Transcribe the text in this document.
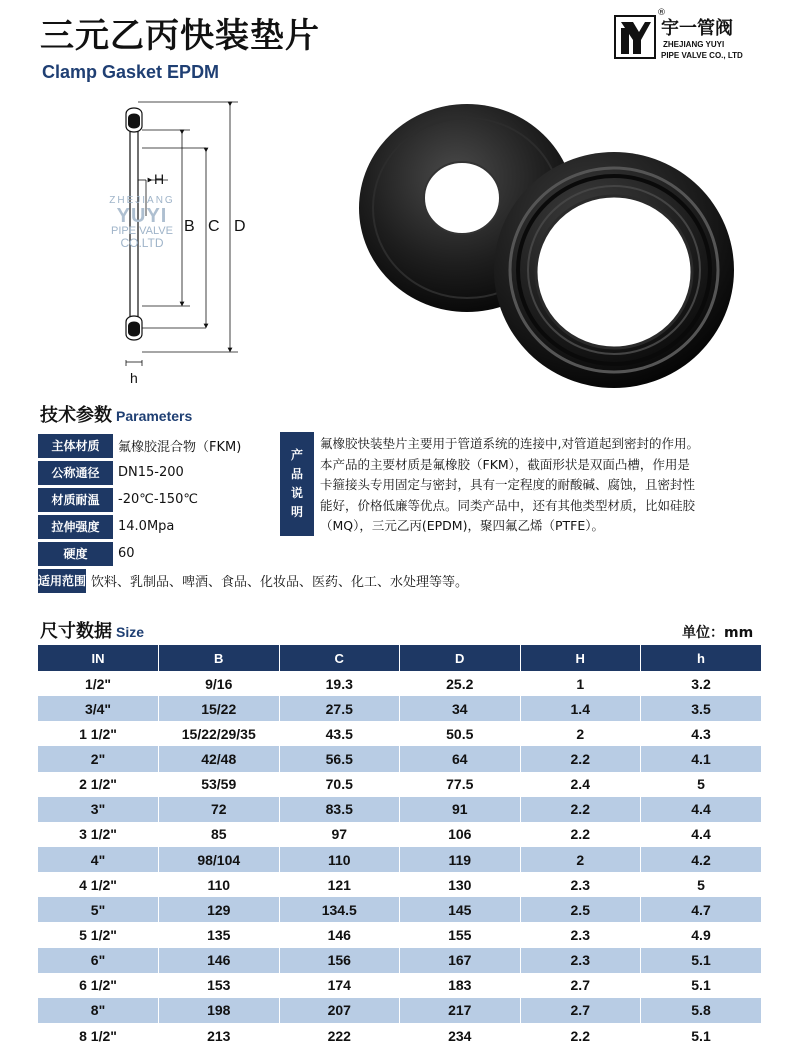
三元乙丙快装垫片
Clamp Gasket EPDM
®
宇一管阀
ZHEJIANG YUYI
PIPE VALVE CO., LTD
H
B C D
h
ZHEJIANG
YUYI
PIPE VALVE
CO.LTD
技术参数 Parameters
主体材质	氟橡胶混合物（FKM)
公称通径	DN15-200
材质耐温	-20℃-150℃
拉伸强度	14.0Mpa
硬度	60
适用范围 饮料、乳制品、啤酒、食品、化妆品、医药、化工、水处理等等。
产
品
说
明
氟橡胶快装垫片主要用于管道系统的连接中,对管道起到密封的作用。
本产品的主要材质是氟橡胶（FKM），截面形状是双面凸槽，作用是
卡箍接头专用固定与密封，具有一定程度的耐酸碱、腐蚀，且密封性
能好，价格低廉等优点。同类产品中，还有其他类型材质，比如硅胶
（MQ），三元乙丙(EPDM)，聚四氟乙烯（PTFE）。
尺寸数据 Size	单位：mm
IN	B	C	D	H	h
1/2"	9/16	19.3	25.2	1	3.2
3/4"	15/22	27.5	34	1.4	3.5
1 1/2"	15/22/29/35	43.5	50.5	2	4.3
2"	42/48	56.5	64	2.2	4.1
2 1/2"	53/59	70.5	77.5	2.4	5
3"	72	83.5	91	2.2	4.4
3 1/2"	85	97	106	2.2	4.4
4"	98/104	110	119	2	4.2
4 1/2"	110	121	130	2.3	5
5"	129	134.5	145	2.5	4.7
5 1/2"	135	146	155	2.3	4.9
6"	146	156	167	2.3	5.1
6 1/2"	153	174	183	2.7	5.1
8"	198	207	217	2.7	5.8
8 1/2"	213	222	234	2.2	5.1
